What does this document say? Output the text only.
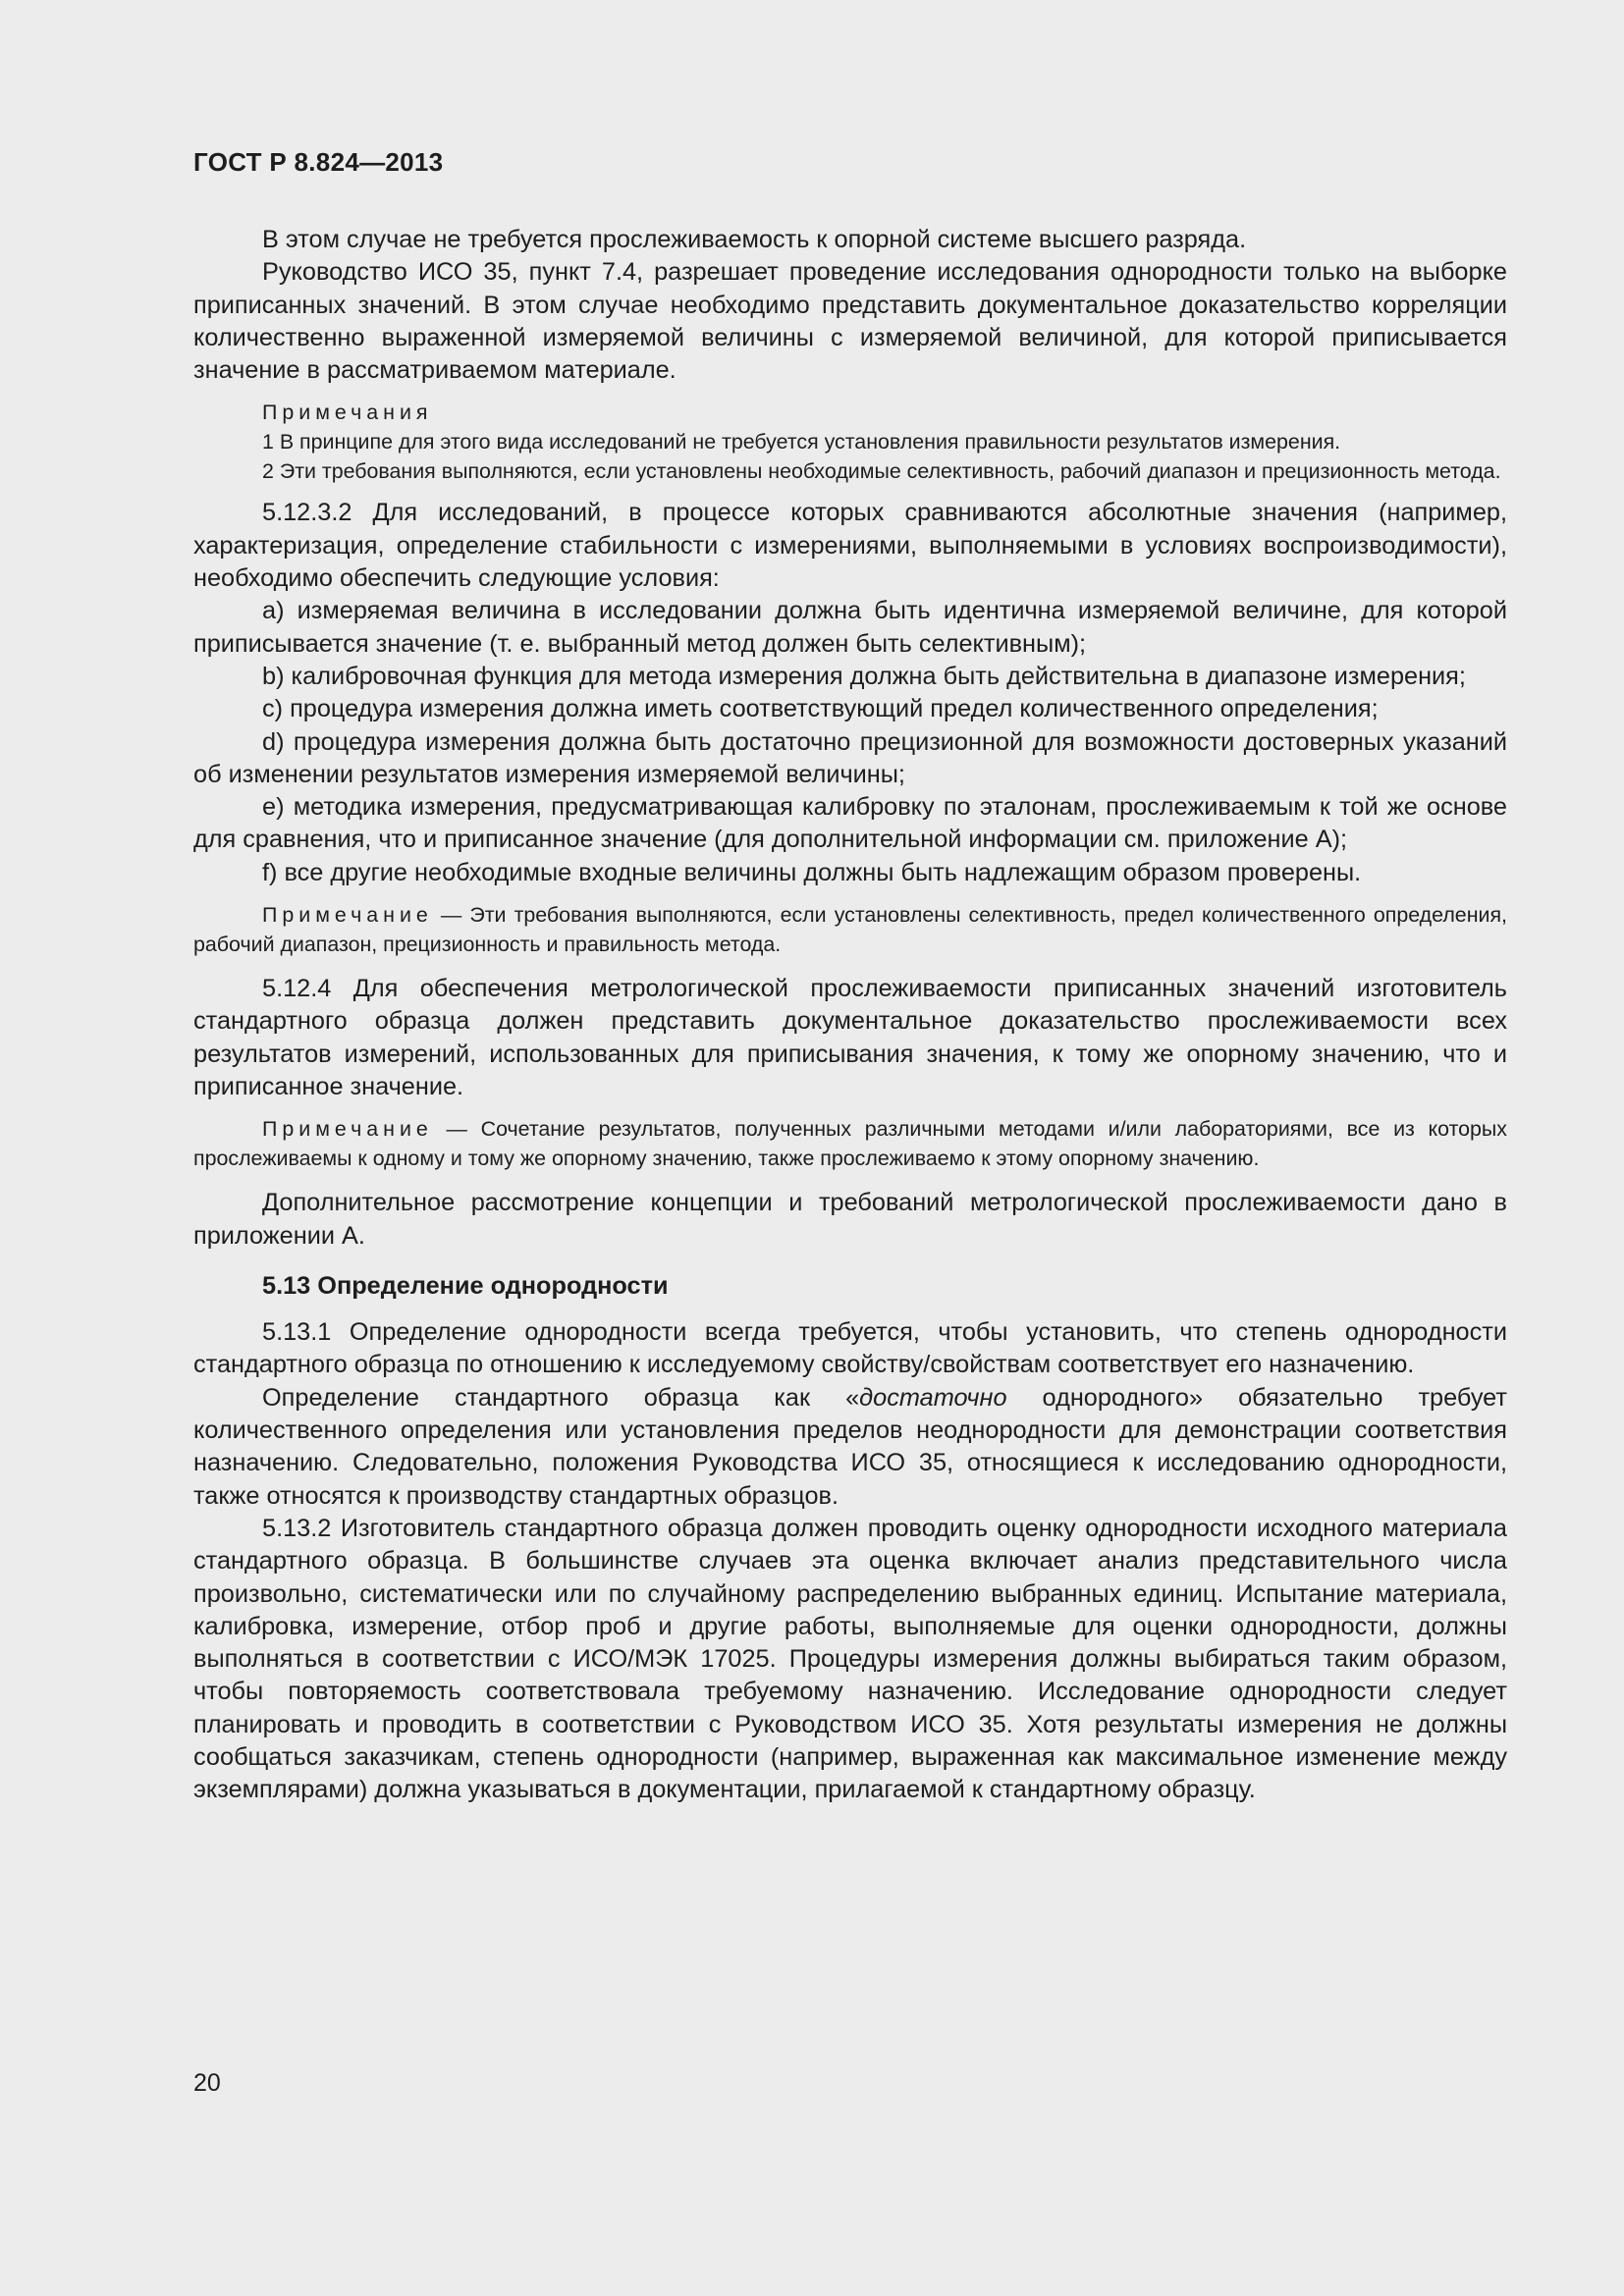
ГОСТ Р 8.824—2013

В этом случае не требуется прослеживаемость к опорной системе высшего разряда.

Руководство ИСО 35, пункт 7.4, разрешает проведение исследования однородности только на выборке приписанных значений. В этом случае необходимо представить документальное доказательство корреляции количественно выраженной измеряемой величины с измеряемой величиной, для которой приписывается значение в рассматриваемом материале.

Примечания

1 В принципе для этого вида исследований не требуется установления правильности результатов измерения.

2 Эти требования выполняются, если установлены необходимые селективность, рабочий диапазон и прецизионность метода.

5.12.3.2 Для исследований, в процессе которых сравниваются абсолютные значения (например, характеризация, определение стабильности с измерениями, выполняемыми в условиях воспроизводимости), необходимо обеспечить следующие условия:

a) измеряемая величина в исследовании должна быть идентична измеряемой величине, для которой приписывается значение (т. е. выбранный метод должен быть селективным);

b) калибровочная функция для метода измерения должна быть действительна в диапазоне измерения;

c) процедура измерения должна иметь соответствующий предел количественного определения;

d) процедура измерения должна быть достаточно прецизионной для возможности достоверных указаний об изменении результатов измерения измеряемой величины;

e) методика измерения, предусматривающая калибровку по эталонам, прослеживаемым к той же основе для сравнения, что и приписанное значение (для дополнительной информации см. приложение А);

f) все другие необходимые входные величины должны быть надлежащим образом проверены.

Примечание — Эти требования выполняются, если установлены селективность, предел количественного определения, рабочий диапазон, прецизионность и правильность метода.

5.12.4 Для обеспечения метрологической прослеживаемости приписанных значений изготовитель стандартного образца должен представить документальное доказательство прослеживаемости всех результатов измерений, использованных для приписывания значения, к тому же опорному значению, что и приписанное значение.

Примечание — Сочетание результатов, полученных различными методами и/или лабораториями, все из которых прослеживаемы к одному и тому же опорному значению, также прослеживаемо к этому опорному значению.

Дополнительное рассмотрение концепции и требований метрологической прослеживаемости дано в приложении А.

5.13 Определение однородности

5.13.1 Определение однородности всегда требуется, чтобы установить, что степень однородности стандартного образца по отношению к исследуемому свойству/свойствам соответствует его назначению.

Определение стандартного образца как «достаточно однородного» обязательно требует количественного определения или установления пределов неоднородности для демонстрации соответствия назначению. Следовательно, положения Руководства ИСО 35, относящиеся к исследованию однородности, также относятся к производству стандартных образцов.

5.13.2 Изготовитель стандартного образца должен проводить оценку однородности исходного материала стандартного образца. В большинстве случаев эта оценка включает анализ представительного числа произвольно, систематически или по случайному распределению выбранных единиц. Испытание материала, калибровка, измерение, отбор проб и другие работы, выполняемые для оценки однородности, должны выполняться в соответствии с ИСО/МЭК 17025. Процедуры измерения должны выбираться таким образом, чтобы повторяемость соответствовала требуемому назначению. Исследование однородности следует планировать и проводить в соответствии с Руководством ИСО 35. Хотя результаты измерения не должны сообщаться заказчикам, степень однородности (например, выраженная как максимальное изменение между экземплярами) должна указываться в документации, прилагаемой к стандартному образцу.

20
